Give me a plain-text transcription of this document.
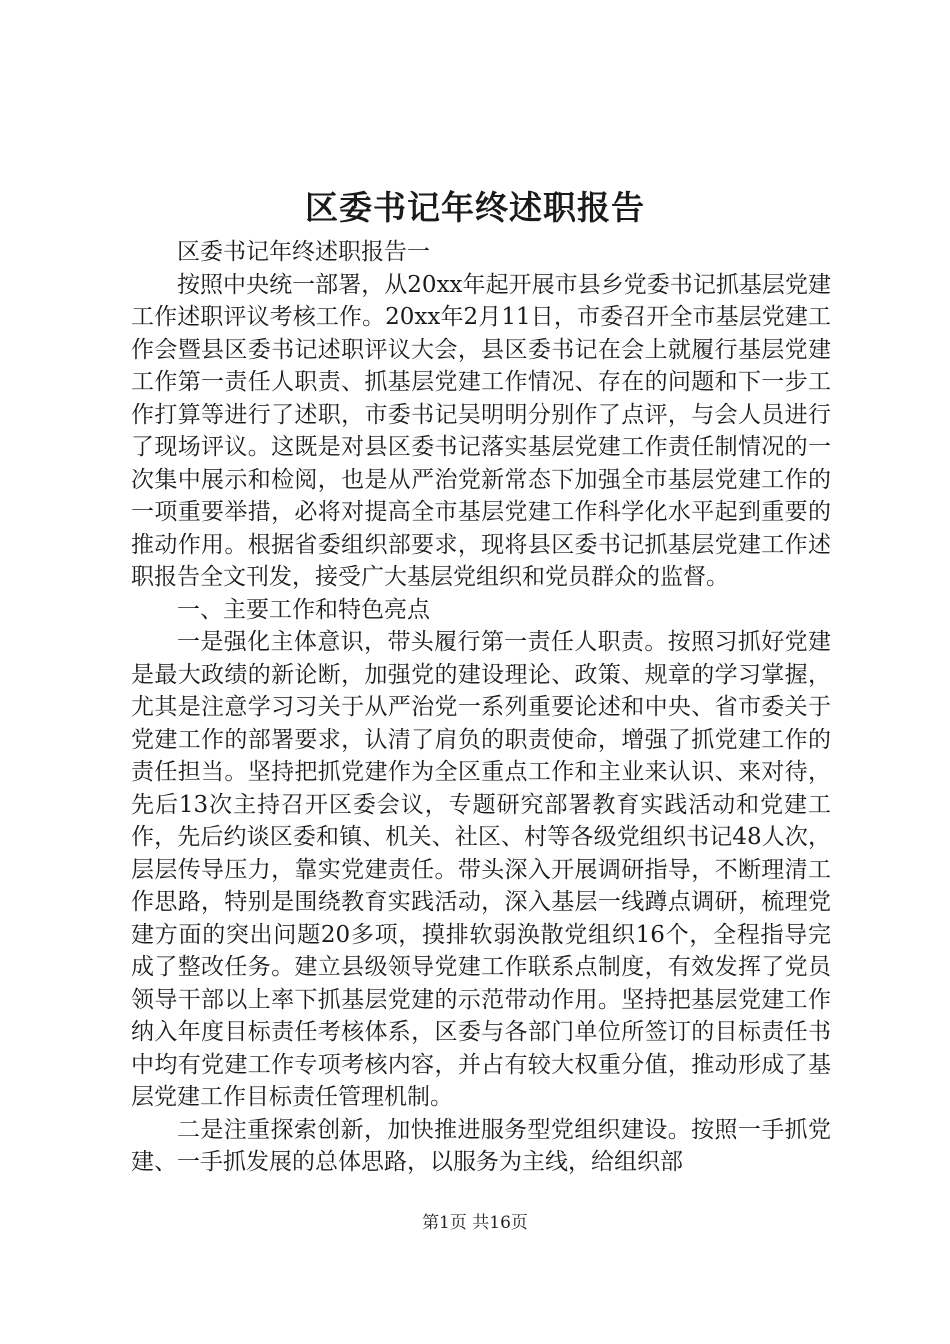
区委书记年终述职报告

区委书记年终述职报告一

按照中央统一部署，从20xx年起开展市县乡党委书记抓基层党建工作述职评议考核工作。20xx年2月11日，市委召开全市基层党建工作会暨县区委书记述职评议大会，县区委书记在会上就履行基层党建工作第一责任人职责、抓基层党建工作情况、存在的问题和下一步工作打算等进行了述职，市委书记吴明明分别作了点评，与会人员进行了现场评议。这既是对县区委书记落实基层党建工作责任制情况的一次集中展示和检阅，也是从严治党新常态下加强全市基层党建工作的一项重要举措，必将对提高全市基层党建工作科学化水平起到重要的推动作用。根据省委组织部要求，现将县区委书记抓基层党建工作述职报告全文刊发，接受广大基层党组织和党员群众的监督。

一、主要工作和特色亮点

一是强化主体意识，带头履行第一责任人职责。按照习抓好党建是最大政绩的新论断，加强党的建设理论、政策、规章的学习掌握，尤其是注意学习习关于从严治党一系列重要论述和中央、省市委关于党建工作的部署要求，认清了肩负的职责使命，增强了抓党建工作的责任担当。坚持把抓党建作为全区重点工作和主业来认识、来对待，先后13次主持召开区委会议，专题研究部署教育实践活动和党建工作，先后约谈区委和镇、机关、社区、村等各级党组织书记48人次，层层传导压力，靠实党建责任。带头深入开展调研指导，不断理清工作思路，特别是围绕教育实践活动，深入基层一线蹲点调研，梳理党建方面的突出问题20多项，摸排软弱涣散党组织16个，全程指导完成了整改任务。建立县级领导党建工作联系点制度，有效发挥了党员领导干部以上率下抓基层党建的示范带动作用。坚持把基层党建工作纳入年度目标责任考核体系，区委与各部门单位所签订的目标责任书中均有党建工作专项考核内容，并占有较大权重分值，推动形成了基层党建工作目标责任管理机制。

二是注重探索创新，加快推进服务型党组织建设。按照一手抓党建、一手抓发展的总体思路，以服务为主线，给组织部

第1页 共16页
